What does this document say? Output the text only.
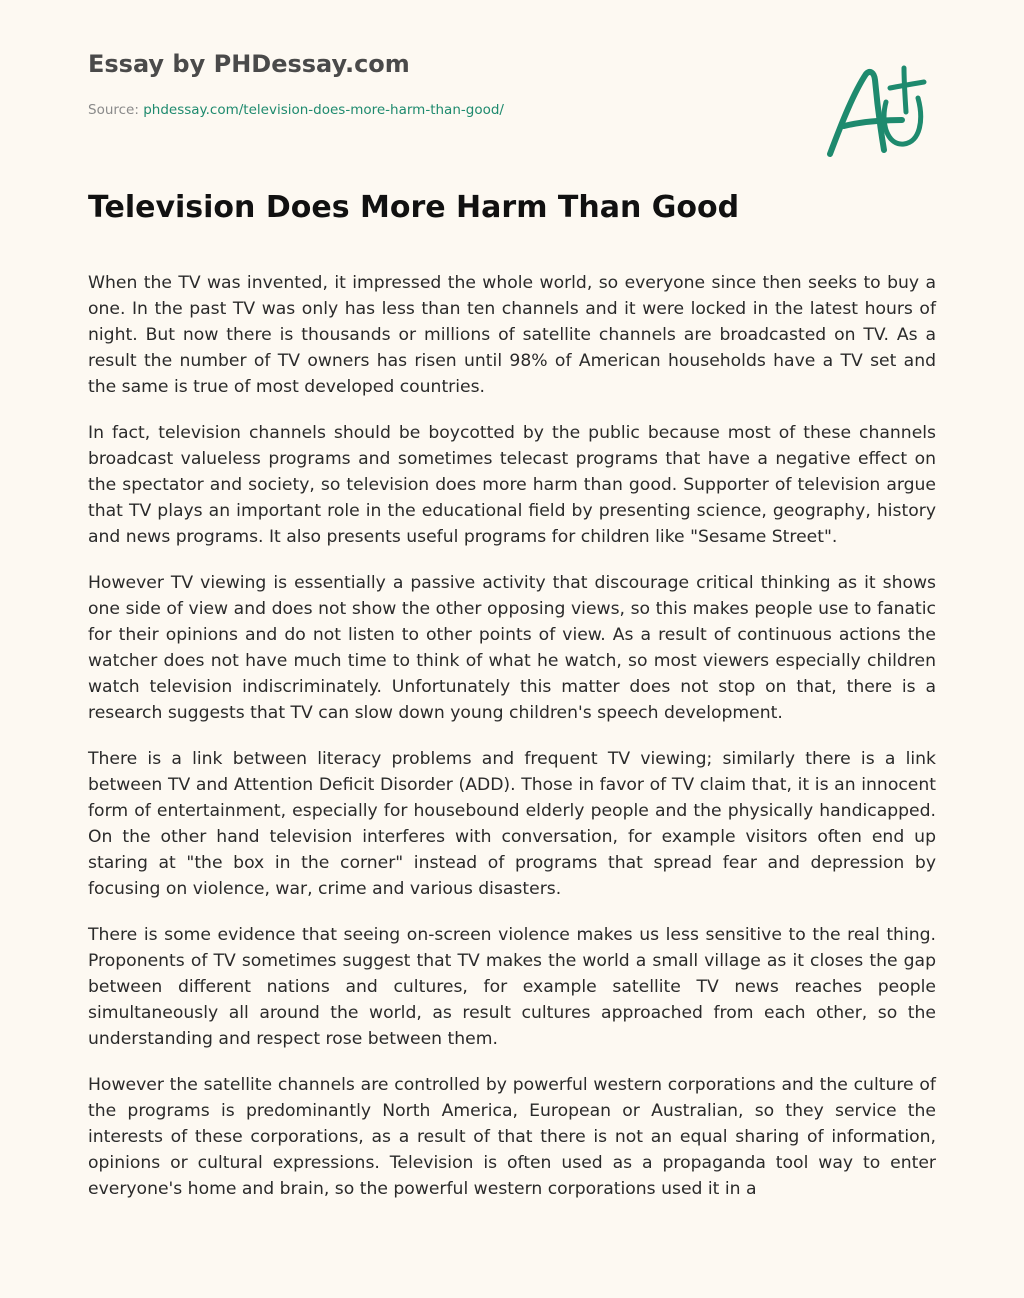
Essay by PHDessay.com
Source: phdessay.com/television-does-more-harm-than-good/
Television Does More Harm Than Good

When the TV was invented, it impressed the whole world, so everyone since then seeks to buy a one. In the past TV was only has less than ten channels and it were locked in the latest hours of night. But now there is thousands or millions of satellite channels are broadcasted on TV. As a result the number of TV owners has risen until 98% of American households have a TV set and the same is true of most developed countries.

In fact, television channels should be boycotted by the public because most of these channels broadcast valueless programs and sometimes telecast programs that have a negative effect on the spectator and society, so television does more harm than good. Supporter of television argue that TV plays an important role in the educational field by presenting science, geography, history and news programs. It also presents useful programs for children like "Sesame Street".

However TV viewing is essentially a passive activity that discourage critical thinking as it shows one side of view and does not show the other opposing views, so this makes people use to fanatic for their opinions and do not listen to other points of view. As a result of continuous actions the watcher does not have much time to think of what he watch, so most viewers especially children watch television indiscriminately. Unfortunately this matter does not stop on that, there is a research suggests that TV can slow down young children's speech development.

There is a link between literacy problems and frequent TV viewing; similarly there is a link between TV and Attention Deficit Disorder (ADD). Those in favor of TV claim that, it is an innocent form of entertainment, especially for housebound elderly people and the physically handicapped. On the other hand television interferes with conversation, for example visitors often end up staring at "the box in the corner" instead of programs that spread fear and depression by focusing on violence, war, crime and various disasters.

There is some evidence that seeing on-screen violence makes us less sensitive to the real thing. Proponents of TV sometimes suggest that TV makes the world a small village as it closes the gap between different nations and cultures, for example satellite TV news reaches people simultaneously all around the world, as result cultures approached from each other, so the understanding and respect rose between them.

However the satellite channels are controlled by powerful western corporations and the culture of the programs is predominantly North America, European or Australian, so they service the interests of these corporations, as a result of that there is not an equal sharing of information, opinions or cultural expressions. Television is often used as a propaganda tool way to enter everyone's home and brain, so the powerful western corporations used it in a
